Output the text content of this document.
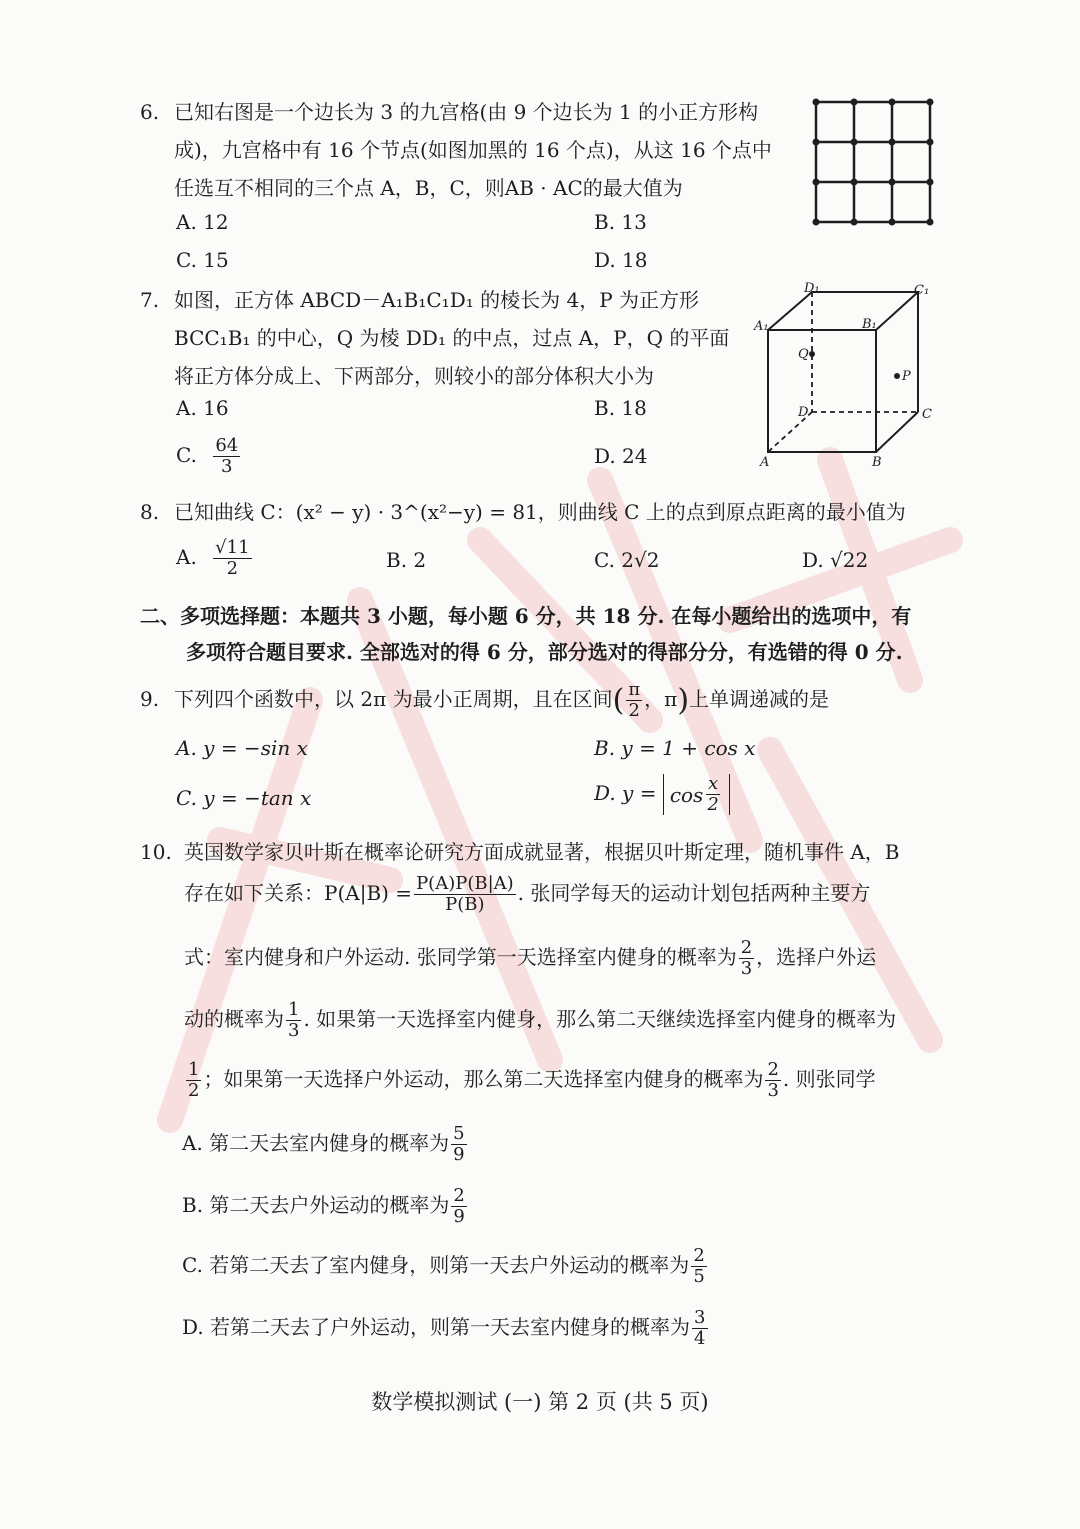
6. 已知右图是一个边长为 3 的九宫格(由 9 个边长为 1 的小正方形构
成)，九宫格中有 16 个节点(如图加黑的 16 个点)，从这 16 个点中
任选互不相同的三个点 A，B，C，则AB · AC的最大值为
A. 12	B. 13
C. 15	D. 18
7. 如图，正方体 ABCD－A₁B₁C₁D₁ 的棱长为 4，P 为正方形
BCC₁B₁ 的中心，Q 为棱 DD₁ 的中点，过点 A，P，Q 的平面
将正方体分成上、下两部分，则较小的部分体积大小为
A. 16	B. 18
C. $\frac{64}{3}$	D. 24
D₁	C₁
A₁	B₁
Q
P
D	C
A	B
8. 已知曲线 C：(x² − y) · 3^(x²−y) = 81，则曲线 C 上的点到原点距离的最小值为
A. $\frac{√11}{2}$	B. 2	C. 2√2	D. √22
二、多项选择题：本题共 3 小题，每小题 6 分，共 18 分. 在每小题给出的选项中，有
多项符合题目要求. 全部选对的得 6 分，部分选对的得部分分，有选错的得 0 分.
9. 下列四个函数中，以 2π 为最小正周期，且在区间( $\frac{\pi}{2}$ ，π)上单调递减的是
A. y = −sin x	B. y = 1 + cos x
C. y = −tan x	D. $y = \cos \frac{x}{2}$
10. 英国数学家贝叶斯在概率论研究方面成就显著，根据贝叶斯定理，随机事件 A，B
存在如下关系：$P(A|B) = \frac{P(A)P(B|A)}{P(B)}$ . 张同学每天的运动计划包括两种主要方
式：室内健身和户外运动. 张同学第一天选择室内健身的概率为 $\frac{2}{3}$ ，选择户外运
动的概率为 $\frac{1}{3}$ . 如果第一天选择室内健身，那么第二天继续选择室内健身的概率为
$\frac{1}{2}$ ；如果第一天选择户外运动，那么第二天选择室内健身的概率为 $\frac{2}{3}$ . 则张同学
A. 第二天去室内健身的概率为 $\frac{5}{9}$
B. 第二天去户外运动的概率为 $\frac{2}{9}$
C. 若第二天去了室内健身，则第一天去户外运动的概率为 $\frac{2}{5}$
D. 若第二天去了户外运动，则第一天去室内健身的概率为 $\frac{3}{4}$
数学模拟测试 (一) 第 2 页 (共 5 页)
